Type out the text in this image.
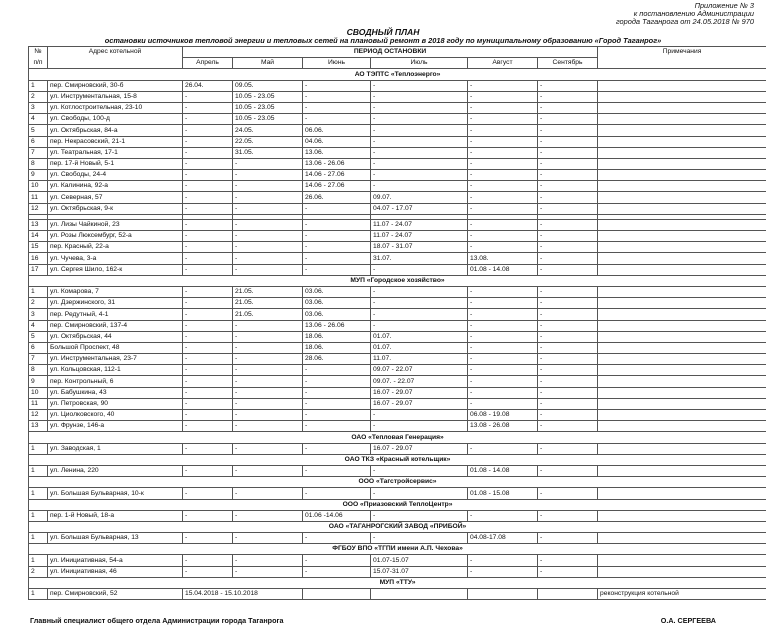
Приложение № 3
к постановлению Администрации
города Таганрога от 24.05.2018 № 970
СВОДНЫЙ ПЛАН
остановки источников тепловой энергии и тепловых сетей на плановый ремонт в 2018 году по муниципальному образованию «Город Таганрог»
№	Адрес котельной	ПЕРИОД ОСТАНОВКИ						Примечания
п/п		Апрель	Май	Июнь	Июль	Август	Сентябрь	
АО ТЭПТС «Теплоэнерго»								
1	пер. Смирновский, 30-б	26.04.	09.05.	-	-	-	-	
2	ул. Инструментальная, 15-8	-	10.05 - 23.05	-	-	-	-	
3	ул. Котлостроительная, 23-10	-	10.05 - 23.05	-	-	-	-	
4	ул. Свободы, 100-д	-	10.05 - 23.05	-	-	-	-	
5	ул. Октябрьская, 84-а	-	24.05.	06.06.	-	-	-	
6	пер. Некрасовский, 21-1	-	22.05.	04.06.	-	-	-	
7	ул. Театральная, 17-1	-	31.05.	13.06.	-	-	-	
8	пер. 17-й Новый, 5-1	-	-	13.06 - 26.06	-	-	-	
9	ул. Свободы, 24-4	-	-	14.06 - 27.06	-	-	-	
10	ул. Калинина, 92-а	-	-	14.06 - 27.06	-	-	-	
11	ул. Северная, 57	-	-	26.06.	09.07.	-	-	
12	ул. Октябрьская, 9-к	-	-	-	04.07 - 17.07	-	-	

13	ул. Лизы Чайкиной, 23	-	-	-	11.07 - 24.07	-	-	
14	ул. Розы Люксембург, 52-а	-	-	-	11.07 - 24.07	-	-	
15	пер. Красный, 22-а	-	-	-	18.07 - 31.07	-	-	
16	ул. Чучева, 3-а	-	-	-	31.07.	13.08.	-	
17	ул. Сергея Шило, 162-к	-	-	-	-	01.08 - 14.08	-	
МУП «Городское хозяйство»								
1	ул. Комарова, 7	-	21.05.	03.06.	-	-	-	
2	ул. Дзержинского, 31	-	21.05.	03.06.	-	-	-	
3	пер. Редутный, 4-1	-	21.05.	03.06.	-	-	-	
4	пер. Смирновский, 137-4	-	-	13.06 - 26.06	-	-	-	
5	ул. Октябрьская, 44	-	-	18.06.	01.07.	-	-	
6	Большой Проспект, 48	-	-	18.06.	01.07.	-	-	
7	ул. Инструментальная, 23-7	-	-	28.06.	11.07.	-	-	
8	ул. Кольцовская, 112-1	-	-	-	09.07 - 22.07	-	-	
9	пер. Контрольный, 6	-	-	-	09.07. - 22.07	-	-	
10	ул. Бабушкина, 43	-	-	-	16.07 - 29.07	-	-	
11	ул. Петровская, 90	-	-	-	16.07 - 29.07	-	-	
12	ул. Циолковского, 40	-	-	-	-	06.08 - 19.08	-	
13	ул. Фрунзе, 146-а	-	-	-	-	13.08 - 26.08	-	
ОАО «Тепловая Генерация»								
1	ул. Заводская, 1	-	-	-	16.07 - 29.07	-	-	
ОАО ТКЗ «Красный котельщик»								
1	ул. Ленина, 220	-	-	-	-	01.08 - 14.08	-	
ООО «Тагстройсервис»								
1	ул. Большая Бульварная, 10-к	-	-	-	-	01.08 - 15.08	-	
ООО «Приазовский ТеплоЦентр»								
1	пер. 1-й Новый, 18-а	-	-	01.06 -14.06	-	-	-	
ОАО «ТАГАНРОГСКИЙ ЗАВОД «ПРИБОЙ»								
1	ул. Большая Бульварная, 13	-	-	-	-	04.08-17.08	-	
ФГБОУ ВПО «ТГПИ имени А.П. Чехова»								
1	ул. Инициативная, 54-а	-	-	-	01.07-15.07	-	-	
2	ул. Инициативная, 46	-	-	-	15.07-31.07	-	-	
МУП «ТТУ»								
1	пер. Смирновский, 52	15.04.2018 - 15.10.2018						реконструкция котельной
Главный специалист общего отдела Администрации города Таганрога	О.А. СЕРГЕЕВА
